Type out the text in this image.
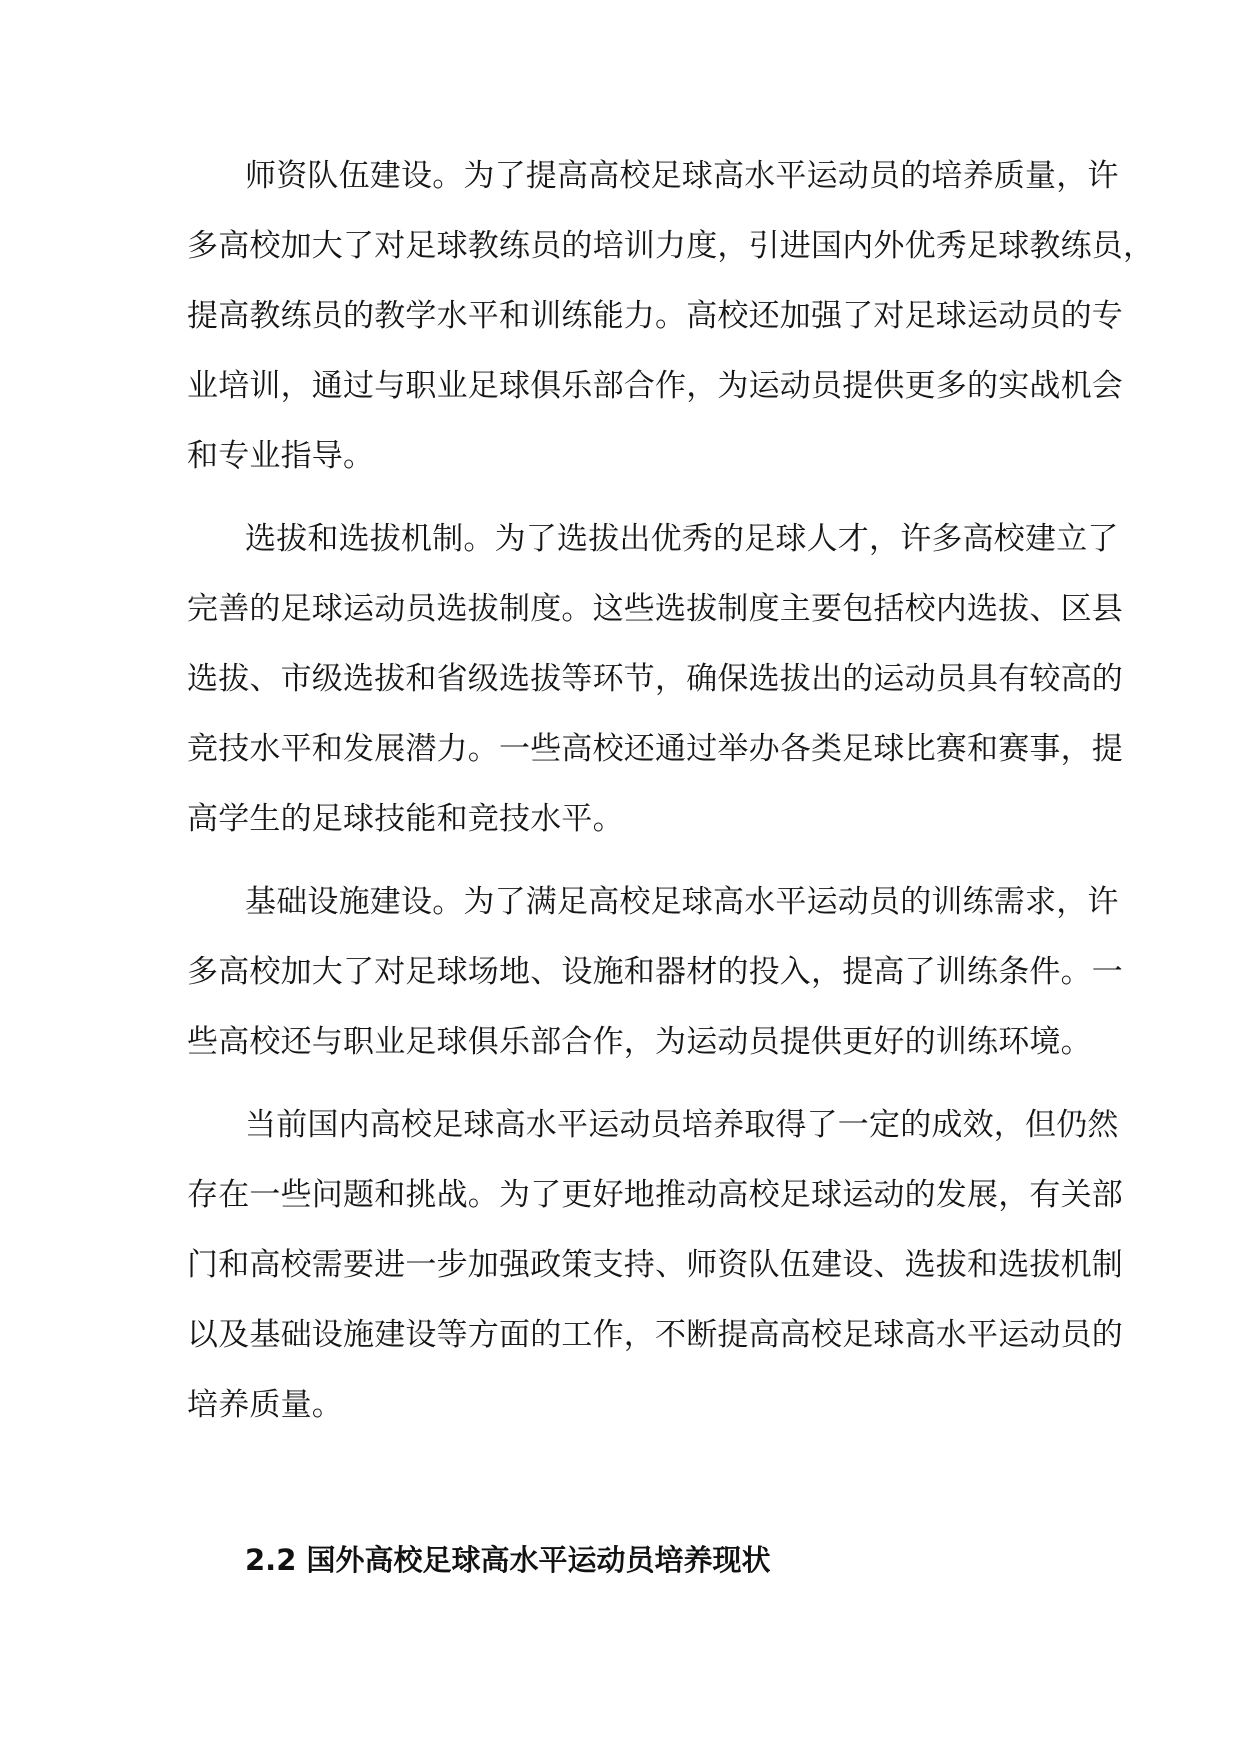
师资队伍建设。为了提高高校足球高水平运动员的培养质量，许
多高校加大了对足球教练员的培训力度，引进国内外优秀足球教练员，
提高教练员的教学水平和训练能力。高校还加强了对足球运动员的专
业培训，通过与职业足球俱乐部合作，为运动员提供更多的实战机会
和专业指导。
选拔和选拔机制。为了选拔出优秀的足球人才，许多高校建立了
完善的足球运动员选拔制度。这些选拔制度主要包括校内选拔、区县
选拔、市级选拔和省级选拔等环节，确保选拔出的运动员具有较高的
竞技水平和发展潜力。一些高校还通过举办各类足球比赛和赛事，提
高学生的足球技能和竞技水平。
基础设施建设。为了满足高校足球高水平运动员的训练需求，许
多高校加大了对足球场地、设施和器材的投入，提高了训练条件。一
些高校还与职业足球俱乐部合作，为运动员提供更好的训练环境。
当前国内高校足球高水平运动员培养取得了一定的成效，但仍然
存在一些问题和挑战。为了更好地推动高校足球运动的发展，有关部
门和高校需要进一步加强政策支持、师资队伍建设、选拔和选拔机制
以及基础设施建设等方面的工作，不断提高高校足球高水平运动员的
培养质量。
2.2 国外高校足球高水平运动员培养现状
